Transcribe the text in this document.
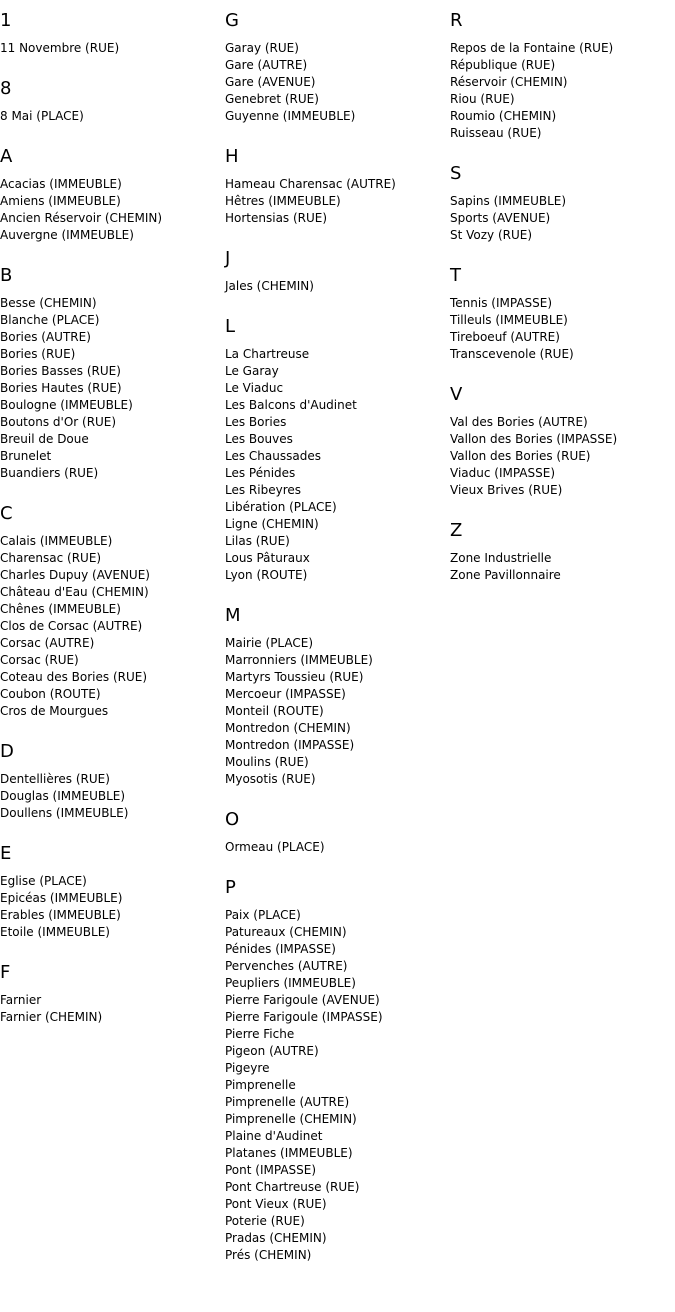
1
11 Novembre (RUE)
8
8 Mai (PLACE)
A
Acacias (IMMEUBLE)
Amiens (IMMEUBLE)
Ancien Réservoir (CHEMIN)
Auvergne (IMMEUBLE)
B
Besse (CHEMIN)
Blanche (PLACE)
Bories (AUTRE)
Bories (RUE)
Bories Basses (RUE)
Bories Hautes (RUE)
Boulogne (IMMEUBLE)
Boutons d'Or (RUE)
Breuil de Doue
Brunelet
Buandiers (RUE)
C
Calais (IMMEUBLE)
Charensac (RUE)
Charles Dupuy (AVENUE)
Château d'Eau (CHEMIN)
Chênes (IMMEUBLE)
Clos de Corsac (AUTRE)
Corsac (AUTRE)
Corsac (RUE)
Coteau des Bories (RUE)
Coubon (ROUTE)
Cros de Mourgues
D
Dentellières (RUE)
Douglas (IMMEUBLE)
Doullens (IMMEUBLE)
E
Eglise (PLACE)
Epicéas (IMMEUBLE)
Erables (IMMEUBLE)
Etoile (IMMEUBLE)
F
Farnier
Farnier (CHEMIN)
G
Garay (RUE)
Gare (AUTRE)
Gare (AVENUE)
Genebret (RUE)
Guyenne (IMMEUBLE)
H
Hameau Charensac (AUTRE)
Hêtres (IMMEUBLE)
Hortensias (RUE)
J
Jales (CHEMIN)
L
La Chartreuse
Le Garay
Le Viaduc
Les Balcons d'Audinet
Les Bories
Les Bouves
Les Chaussades
Les Pénides
Les Ribeyres
Libération (PLACE)
Ligne (CHEMIN)
Lilas (RUE)
Lous Pâturaux
Lyon (ROUTE)
M
Mairie (PLACE)
Marronniers (IMMEUBLE)
Martyrs Toussieu (RUE)
Mercoeur (IMPASSE)
Monteil (ROUTE)
Montredon (CHEMIN)
Montredon (IMPASSE)
Moulins (RUE)
Myosotis (RUE)
O
Ormeau (PLACE)
P
Paix (PLACE)
Patureaux (CHEMIN)
Pénides (IMPASSE)
Pervenches (AUTRE)
Peupliers (IMMEUBLE)
Pierre Farigoule (AVENUE)
Pierre Farigoule (IMPASSE)
Pierre Fiche
Pigeon (AUTRE)
Pigeyre
Pimprenelle
Pimprenelle (AUTRE)
Pimprenelle (CHEMIN)
Plaine d'Audinet
Platanes (IMMEUBLE)
Pont (IMPASSE)
Pont Chartreuse (RUE)
Pont Vieux (RUE)
Poterie (RUE)
Pradas (CHEMIN)
Prés (CHEMIN)
R
Repos de la Fontaine (RUE)
République (RUE)
Réservoir (CHEMIN)
Riou (RUE)
Roumio (CHEMIN)
Ruisseau (RUE)
S
Sapins (IMMEUBLE)
Sports (AVENUE)
St Vozy (RUE)
T
Tennis (IMPASSE)
Tilleuls (IMMEUBLE)
Tireboeuf (AUTRE)
Transcevenole (RUE)
V
Val des Bories (AUTRE)
Vallon des Bories (IMPASSE)
Vallon des Bories (RUE)
Viaduc (IMPASSE)
Vieux Brives (RUE)
Z
Zone Industrielle
Zone Pavillonnaire
